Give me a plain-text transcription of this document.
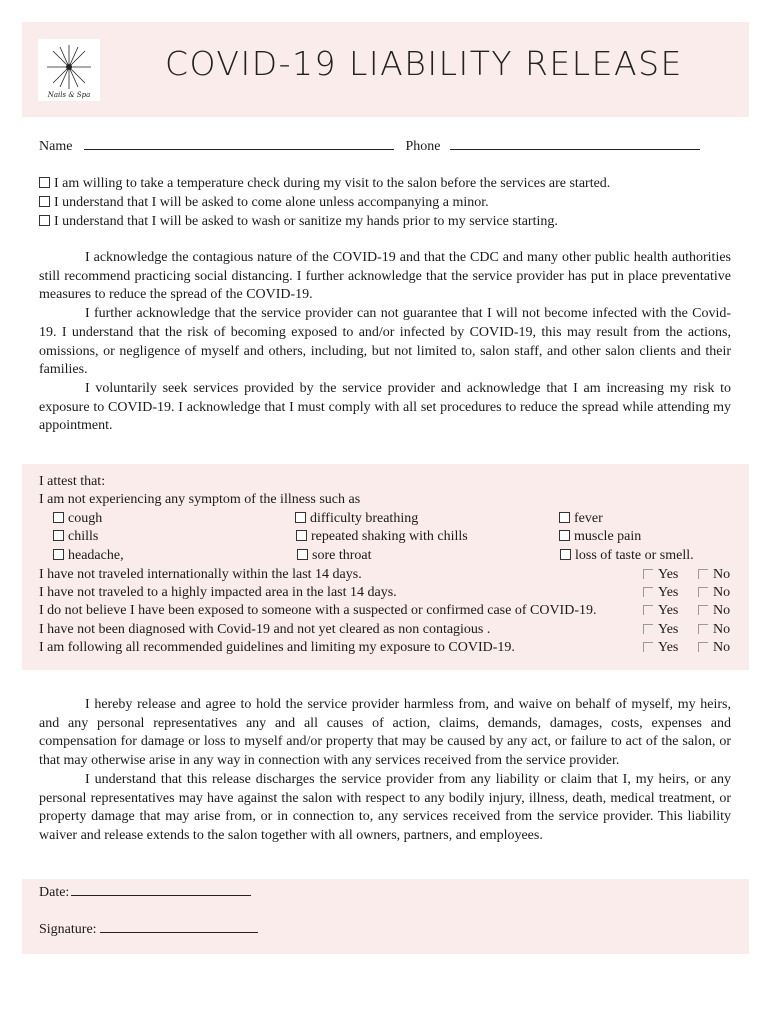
Nails & Spa
COVID-19 LIABILITY RELEASE
Name	Phone
I am willing to take a temperature check during my visit to the salon before the services are started.
I understand that I will be asked to come alone unless accompanying a minor.
I understand that I will be asked to wash or sanitize my hands prior to my service starting.

I acknowledge the contagious nature of the COVID-19 and that the CDC and many other public health authorities still recommend practicing social distancing. I further acknowledge that the service provider has put in place preventative measures to reduce the spread of the COVID-19.

I further acknowledge that the service provider can not guarantee that I will not become infected with the Covid-19. I understand that the risk of becoming exposed to and/or infected by COVID-19, this may result from the actions, omissions, or negligence of myself and others, including, but not limited to, salon staff, and other salon clients and their families.

I voluntarily seek services provided by the service provider and acknowledge that I am increasing my risk to exposure to COVID-19. I acknowledge that I must comply with all set procedures to reduce the spread while attending my appointment.

I attest that:
I am not experiencing any symptom of the illness such as
cough	difficulty breathing	fever
chills	repeated shaking with chills	muscle pain
headache,	sore throat	loss of taste or smell.
I have not traveled internationally within the last 14 days.	Yes	No
I have not traveled to a highly impacted area in the last 14 days.	Yes	No
I do not believe I have been exposed to someone with a suspected or confirmed case of COVID-19.	Yes	No
I have not been diagnosed with Covid-19 and not yet cleared as non contagious .	Yes	No
I am following all recommended guidelines and limiting my exposure to COVID-19.	Yes	No

I hereby release and agree to hold the service provider harmless from, and waive on behalf of myself, my heirs, and any personal representatives any and all causes of action, claims, demands, damages, costs, expenses and compensation for damage or loss to myself and/or property that may be caused by any act, or failure to act of the salon, or that may otherwise arise in any way in connection with any services received from the service provider.

I understand that this release discharges the service provider from any liability or claim that I, my heirs, or any personal representatives may have against the salon with respect to any bodily injury, illness, death, medical treatment, or property damage that may arise from, or in connection to, any services received from the service provider. This liability waiver and release extends to the salon together with all owners, partners, and employees.

Date:
Signature:
